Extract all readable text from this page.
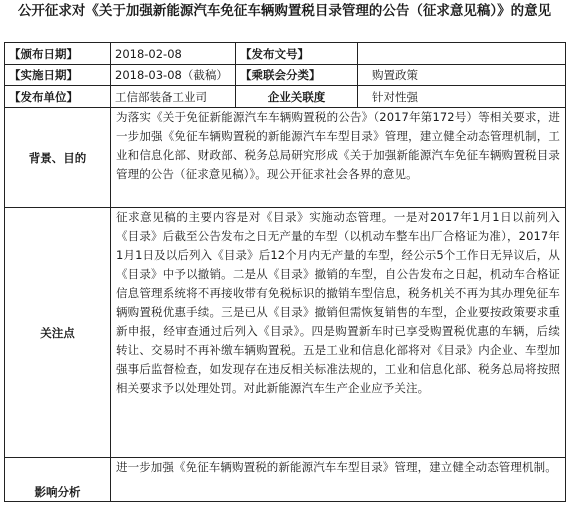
公开征求对《关于加强新能源汽车免征车辆购置税目录管理的公告（征求意见稿）》的意见
【颁布日期】	2018-02-08	【发布文号】	
【实施日期】	2018-03-08（截稿）	【乘联会分类】	购置政策
【发布单位】	工信部装备工业司	企业关联度	针对性强
背景、目的	为落实《关于免征新能源汽车车辆购置税的公告》（2017年第172号）等相关要求，进一步加强《免征车辆购置税的新能源汽车车型目录》管理，建立健全动态管理机制，工业和信息化部、财政部、税务总局研究形成《关于加强新能源汽车免征车辆购置税目录管理的公告（征求意见稿）》。现公开征求社会各界的意见。		
关注点	征求意见稿的主要内容是对《目录》实施动态管理。一是对2017年1月1日以前列入《目录》后截至公告发布之日无产量的车型（以机动车整车出厂合格证为准），2017年1月1日及以后列入《目录》后12个月内无产量的车型，经公示5个工作日无异议后，从《目录》中予以撤销。二是从《目录》撤销的车型，自公告发布之日起，机动车合格证信息管理系统将不再接收带有免税标识的撤销车型信息，税务机关不再为其办理免征车辆购置税优惠手续。三是已从《目录》撤销但需恢复销售的车型，企业要按政策要求重新申报，经审查通过后列入《目录》。四是购置新车时已享受购置税优惠的车辆，后续转让、交易时不再补缴车辆购置税。五是工业和信息化部将对《目录》内企业、车型加强事后监督检查，如发现存在违反相关标准法规的，工业和信息化部、税务总局将按照相关要求予以处理处罚。对此新能源汽车生产企业应予关注。		
影响分析	进一步加强《免征车辆购置税的新能源汽车车型目录》管理，建立健全动态管理机制。		
